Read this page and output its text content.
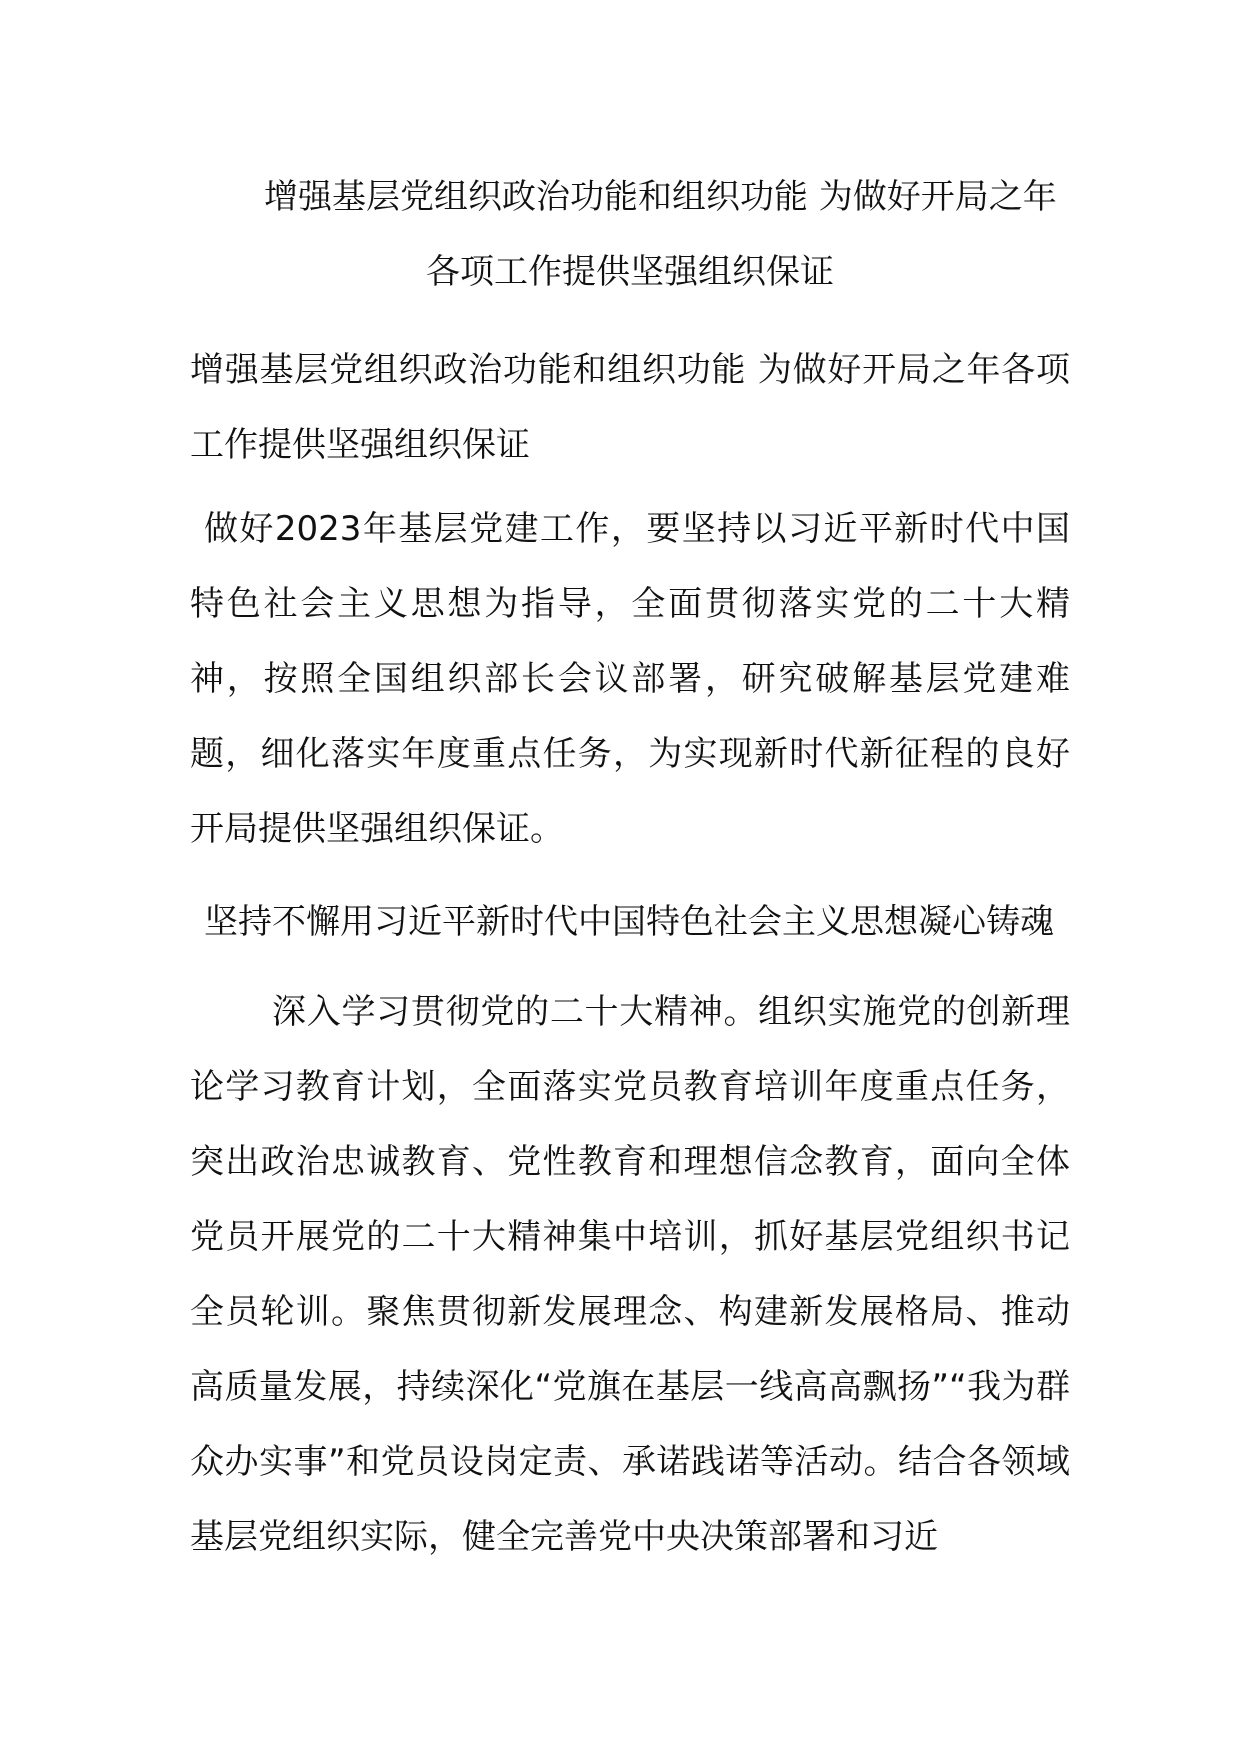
增强基层党组织政治功能和组织功能 为做好开局之年
各项工作提供坚强组织保证
增强基层党组织政治功能和组织功能 为做好开局之年各项工作提供坚强组织保证
做好2023年基层党建工作，要坚持以习近平新时代中国特色社会主义思想为指导，全面贯彻落实党的二十大精神，按照全国组织部长会议部署，研究破解基层党建难题，细化落实年度重点任务，为实现新时代新征程的良好开局提供坚强组织保证。
坚持不懈用习近平新时代中国特色社会主义思想凝心铸魂
深入学习贯彻党的二十大精神。组织实施党的创新理论学习教育计划，全面落实党员教育培训年度重点任务，突出政治忠诚教育、党性教育和理想信念教育，面向全体党员开展党的二十大精神集中培训，抓好基层党组织书记全员轮训。聚焦贯彻新发展理念、构建新发展格局、推动高质量发展，持续深化“党旗在基层一线高高飘扬”“我为群众办实事”和党员设岗定责、承诺践诺等活动。结合各领域基层党组织实际，健全完善党中央决策部署和习近
